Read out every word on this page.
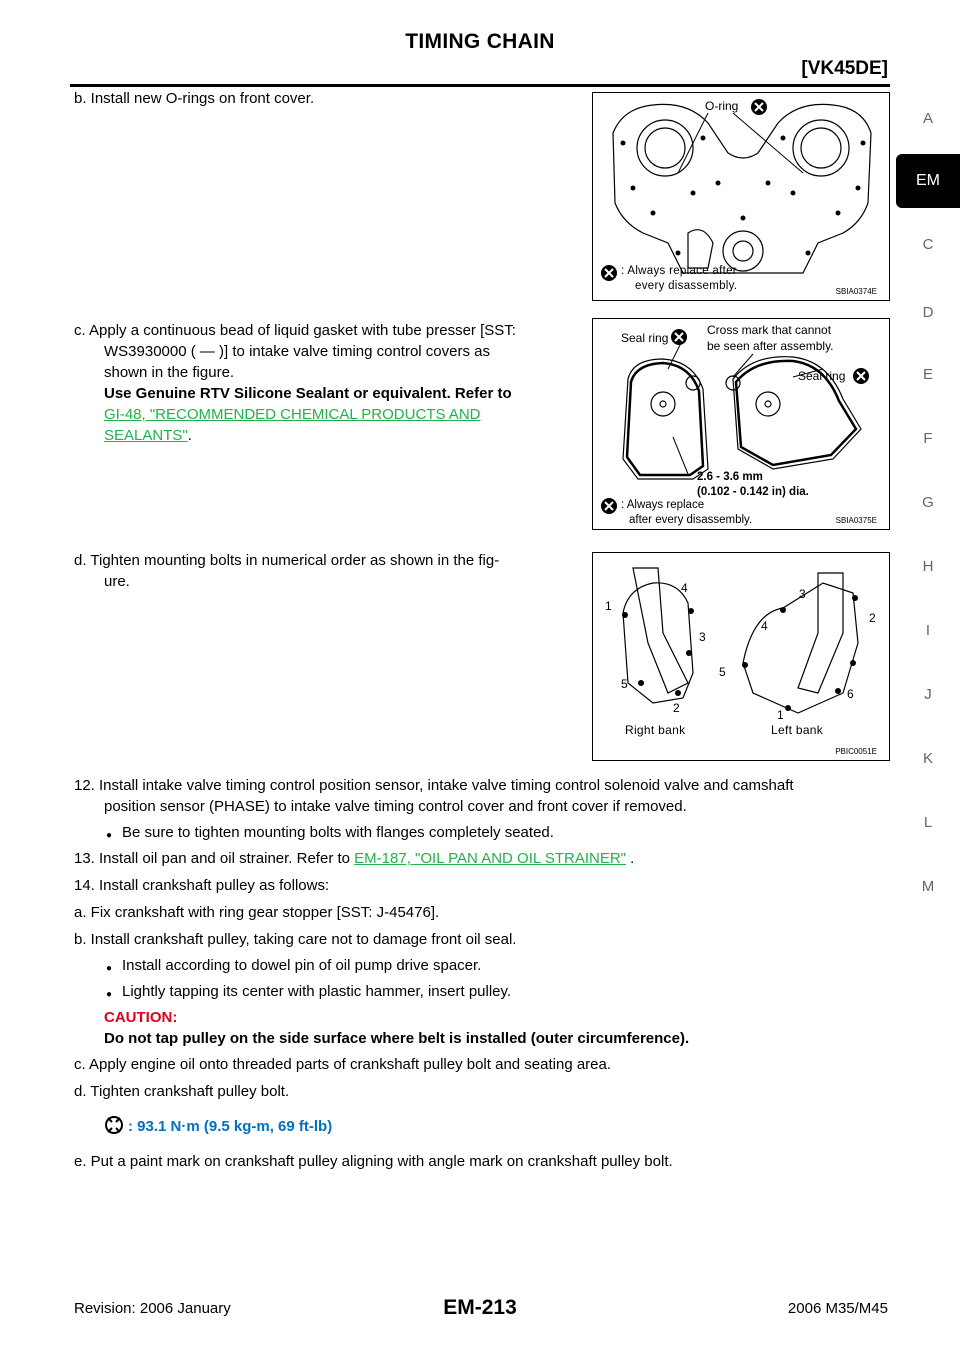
TIMING CHAIN
[VK45DE]
A
EM
C
D
E
F
G
H
I
J
K
L
M
b. Install new O-rings on front cover.	O-ring
: Always replace after
every disassembly.	SBIA0374E
c. Apply a continuous bead of liquid gasket with tube presser [SST:
WS3930000 ( — )] to intake valve timing control covers as
shown in the figure.
Use Genuine RTV Silicone Sealant or equivalent. Refer to
GI-48, "RECOMMENDED CHEMICAL PRODUCTS AND
SEALANTS".
Seal ring
Cross mark that cannot
be seen after assembly.
Seal ring
2.6 - 3.6 mm
(0.102 - 0.142 in) dia.
: Always replace
after every disassembly.	SBIA0375E
d. Tighten mounting bolts in numerical order as shown in the fig-
ure.
1
2
3
4
5
1
2
3
4
5
6
Right bank	Left bank
PBIC0051E
12. Install intake valve timing control position sensor, intake valve timing control solenoid valve and camshaft
position sensor (PHASE) to intake valve timing control cover and front cover if removed.
● Be sure to tighten mounting bolts with flanges completely seated.
13. Install oil pan and oil strainer. Refer to EM-187, "OIL PAN AND OIL STRAINER" .
14. Install crankshaft pulley as follows:
a. Fix crankshaft with ring gear stopper [SST: J-45476].
b. Install crankshaft pulley, taking care not to damage front oil seal.
● Install according to dowel pin of oil pump drive spacer.
● Lightly tapping its center with plastic hammer, insert pulley.
CAUTION:
Do not tap pulley on the side surface where belt is installed (outer circumference).
c. Apply engine oil onto threaded parts of crankshaft pulley bolt and seating area.
d. Tighten crankshaft pulley bolt.
: 93.1 N·m (9.5 kg-m, 69 ft-lb)
e. Put a paint mark on crankshaft pulley aligning with angle mark on crankshaft pulley bolt.
Revision: 2006 January	EM-213	2006 M35/M45
